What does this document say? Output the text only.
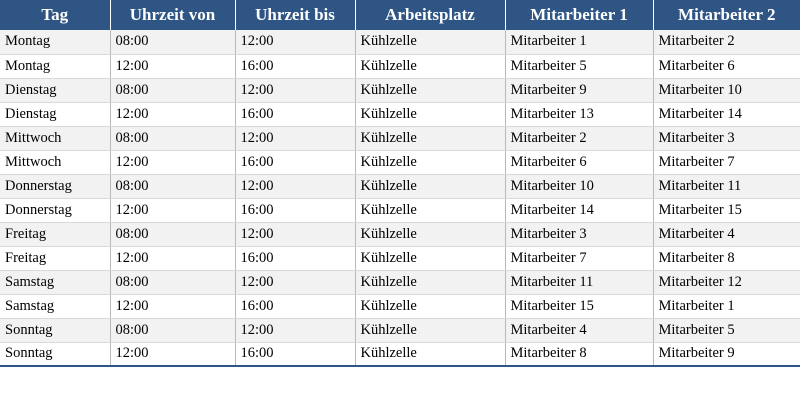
Tag	Uhrzeit von	Uhrzeit bis	Arbeitsplatz	Mitarbeiter 1	Mitarbeiter 2
Montag	08:00	12:00	Kühlzelle	Mitarbeiter 1	Mitarbeiter 2
Montag	12:00	16:00	Kühlzelle	Mitarbeiter 5	Mitarbeiter 6
Dienstag	08:00	12:00	Kühlzelle	Mitarbeiter 9	Mitarbeiter 10
Dienstag	12:00	16:00	Kühlzelle	Mitarbeiter 13	Mitarbeiter 14
Mittwoch	08:00	12:00	Kühlzelle	Mitarbeiter 2	Mitarbeiter 3
Mittwoch	12:00	16:00	Kühlzelle	Mitarbeiter 6	Mitarbeiter 7
Donnerstag	08:00	12:00	Kühlzelle	Mitarbeiter 10	Mitarbeiter 11
Donnerstag	12:00	16:00	Kühlzelle	Mitarbeiter 14	Mitarbeiter 15
Freitag	08:00	12:00	Kühlzelle	Mitarbeiter 3	Mitarbeiter 4
Freitag	12:00	16:00	Kühlzelle	Mitarbeiter 7	Mitarbeiter 8
Samstag	08:00	12:00	Kühlzelle	Mitarbeiter 11	Mitarbeiter 12
Samstag	12:00	16:00	Kühlzelle	Mitarbeiter 15	Mitarbeiter 1
Sonntag	08:00	12:00	Kühlzelle	Mitarbeiter 4	Mitarbeiter 5
Sonntag	12:00	16:00	Kühlzelle	Mitarbeiter 8	Mitarbeiter 9
